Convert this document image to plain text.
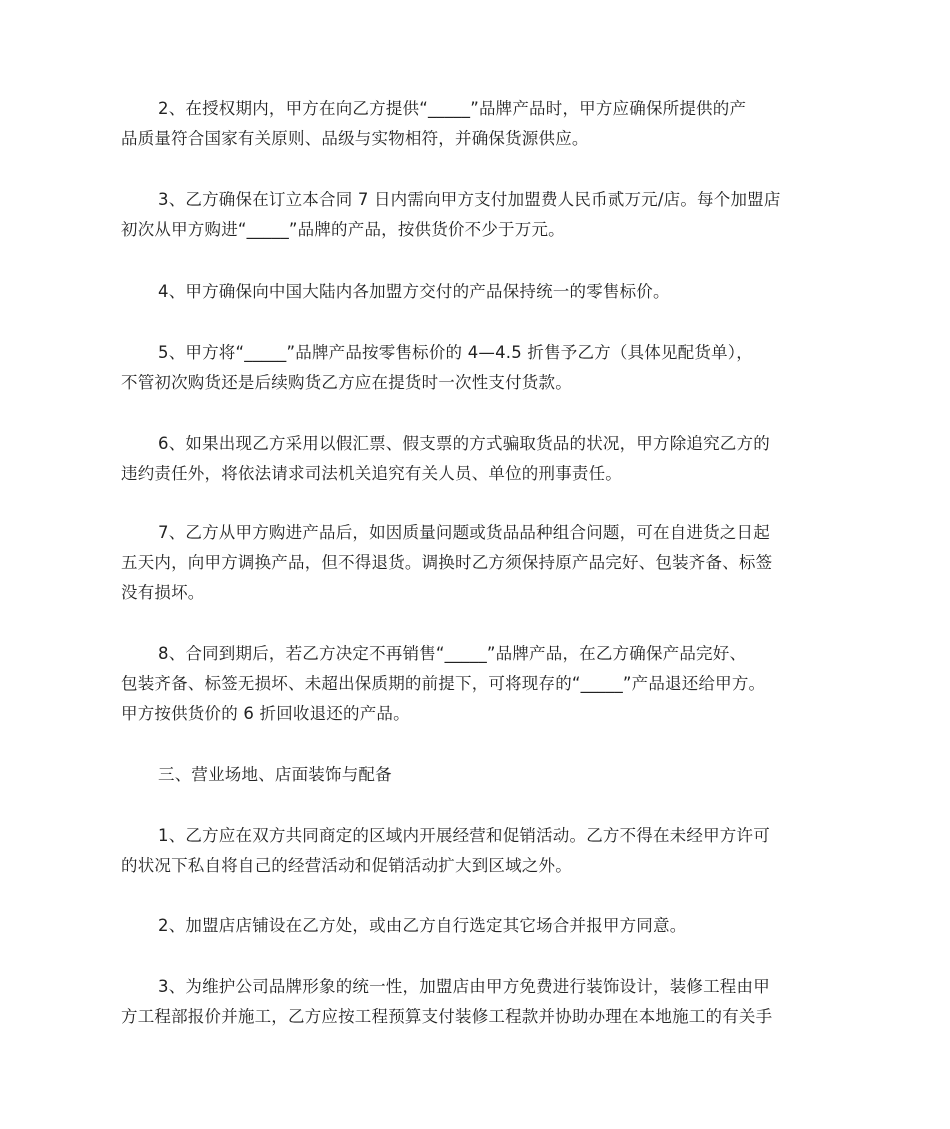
2、在授权期内，甲方在向乙方提供“_____”品牌产品时，甲方应确保所提供的产
品质量符合国家有关原则、品级与实物相符，并确保货源供应。

3、乙方确保在订立本合同 7 日内需向甲方支付加盟费人民币贰万元/店。每个加盟店
初次从甲方购进“_____”品牌的产品，按供货价不少于万元。

4、甲方确保向中国大陆内各加盟方交付的产品保持统一的零售标价。

5、甲方将“_____”品牌产品按零售标价的 4—4.5 折售予乙方（具体见配货单），
不管初次购货还是后续购货乙方应在提货时一次性支付货款。

6、如果出现乙方采用以假汇票、假支票的方式骗取货品的状况，甲方除追究乙方的
违约责任外，将依法请求司法机关追究有关人员、单位的刑事责任。

7、乙方从甲方购进产品后，如因质量问题或货品品种组合问题，可在自进货之日起
五天内，向甲方调换产品，但不得退货。调换时乙方须保持原产品完好、包装齐备、标签
没有损坏。

8、合同到期后，若乙方决定不再销售“_____”品牌产品，在乙方确保产品完好、
包装齐备、标签无损坏、未超出保质期的前提下，可将现存的“_____”产品退还给甲方。
甲方按供货价的 6 折回收退还的产品。

三、营业场地、店面装饰与配备

1、乙方应在双方共同商定的区域内开展经营和促销活动。乙方不得在未经甲方许可
的状况下私自将自己的经营活动和促销活动扩大到区域之外。

2、加盟店店铺设在乙方处，或由乙方自行选定其它场合并报甲方同意。

3、为维护公司品牌形象的统一性，加盟店由甲方免费进行装饰设计，装修工程由甲
方工程部报价并施工，乙方应按工程预算支付装修工程款并协助办理在本地施工的有关手
